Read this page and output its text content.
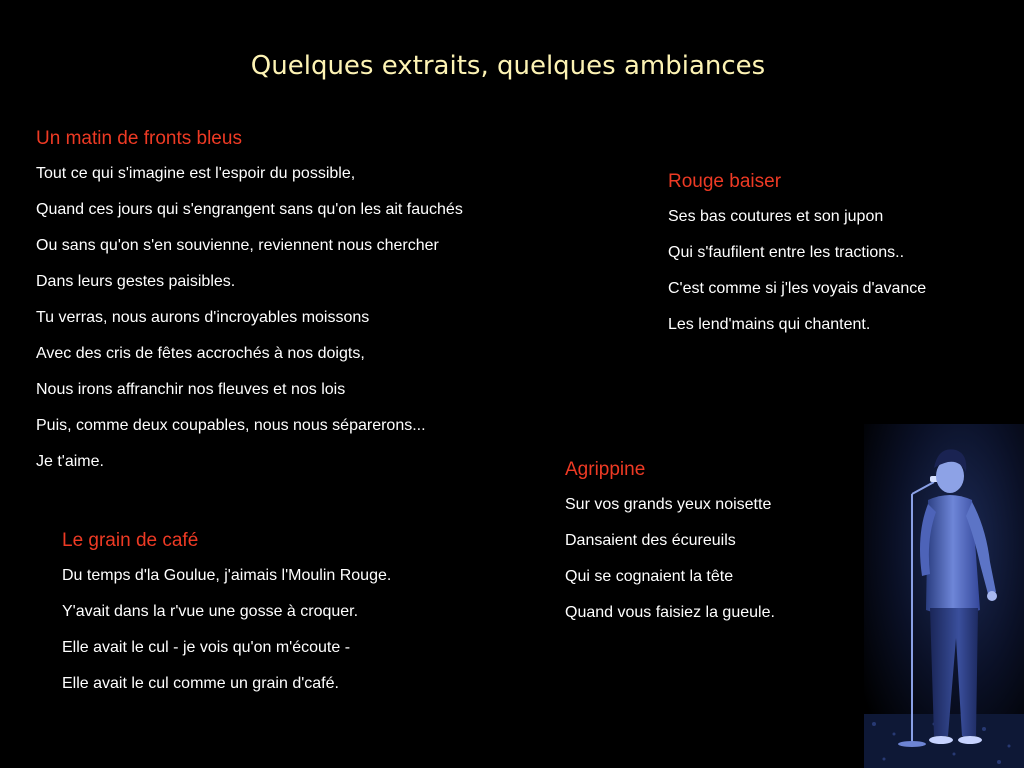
Quelques extraits, quelques ambiances
Un matin de fronts bleus
Tout ce qui s'imagine est l'espoir du possible,
Quand ces jours qui s'engrangent sans qu'on les ait fauchés
Ou sans qu'on s'en souvienne, reviennent nous chercher
Dans leurs gestes paisibles.
Tu verras, nous aurons d'incroyables moissons
Avec des cris de fêtes accrochés à nos doigts,
Nous irons affranchir nos fleuves et nos lois
Puis, comme deux coupables, nous nous séparerons...
Je t'aime.
Rouge baiser
Ses bas coutures et son jupon
Qui s'faufilent entre les tractions..
C'est comme si j'les voyais d'avance
Les lend'mains qui chantent.
Agrippine
Sur vos grands yeux noisette
Dansaient des écureuils
Qui se cognaient la tête
Quand vous faisiez la gueule.
Le grain de café
Du temps d'la Goulue, j'aimais l'Moulin Rouge.
Y'avait dans la r'vue une gosse à croquer.
Elle avait le cul - je vois qu'on m'écoute -
Elle avait le cul comme un grain d'café.
